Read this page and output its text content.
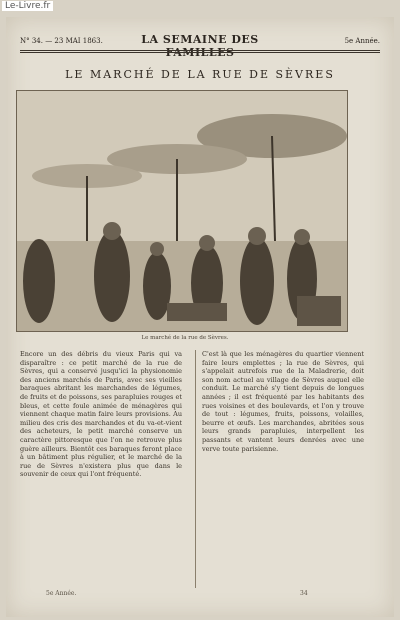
Le-Livre.fr
N° 34. — 23 MAI 1863.	LA SEMAINE DES	5e Année.
LE MARCHÉ DE LA RUE DE SÈVRES
Le marché de la rue de Sèvres.
Encore un des débris du vieux Paris qui va disparaître : ce petit marché de la rue de Sèvres, qui a conservé jusqu'ici la physionomie des anciens marchés de Paris, avec ses vieilles baraques abritant les marchandes de légumes, de fruits et de poissons, ses parapluies rouges et bleus, et cette foule animée de ménagères qui viennent chaque matin faire leurs provisions. Au milieu des cris des marchandes et du va-et-vient des acheteurs, le petit marché conserve un caractère pittoresque que l'on ne retrouve plus guère ailleurs. Bientôt ces baraques feront place à un bâtiment plus régulier, et le marché de la rue de Sèvres n'existera plus que dans le souvenir de ceux qui l'ont fréquenté.
C'est là que les ménagères du quartier viennent faire leurs emplettes ; la rue de Sèvres, qui s'appelait autrefois rue de la Maladrerie, doit son nom actuel au village de Sèvres auquel elle conduit. Le marché s'y tient depuis de longues années ; il est fréquenté par les habitants des rues voisines et des boulevards, et l'on y trouve de tout : légumes, fruits, poissons, volailles, beurre et œufs. Les marchandes, abritées sous leurs grands parapluies, interpellent les passants et vantent leurs denrées avec une verve toute parisienne.
5e Année.	34
